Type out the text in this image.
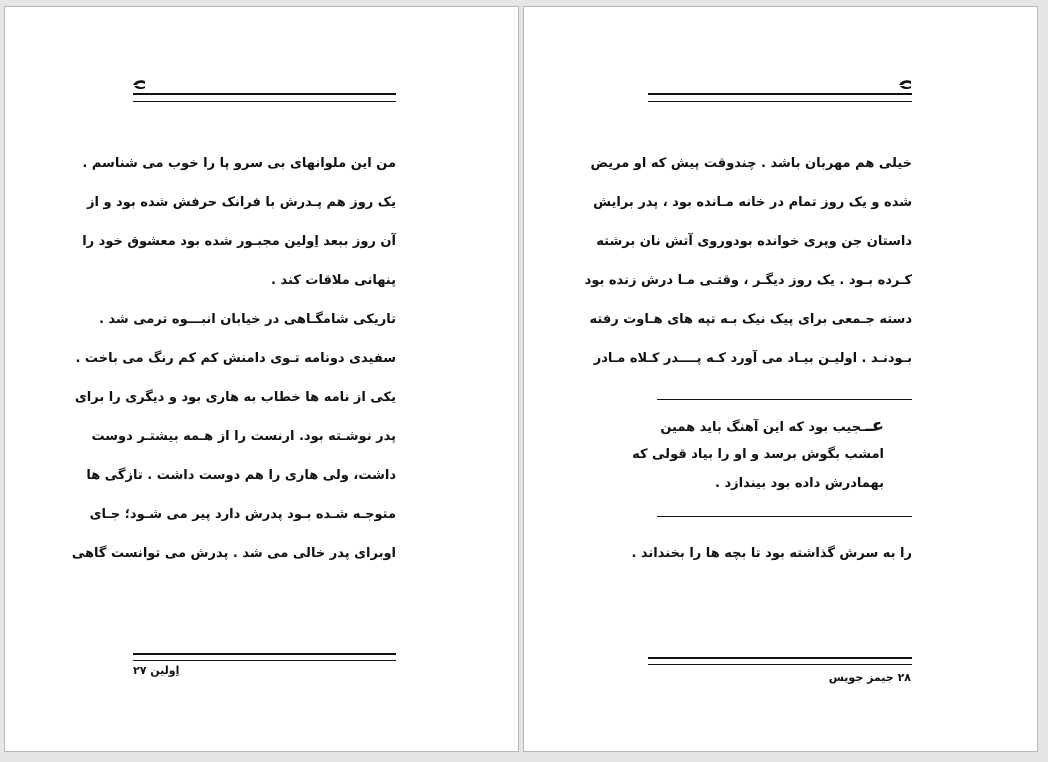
من این ملوانهای بی سرو پا را خوب می شناسم .
یک روز هم پـدرش با فرانک حرفش شده بود و از
آن روز ببعد اِولین مجبـور شده بود معشوق خود را
پنهانی ملاقات کند .
تاریکی شامگـاهی در خیابان انبـــوه ترمی شد .
سفیدی دونامه تـوی دامنش کم کم رنگ می باخت .
یکی از نامه ها خطاب به هاری بود و دیگری را برای
پدر نوشـته بود. ارنست را از هـمه بیشتـر دوست
داشت، ولی هاری را هم دوست داشت . تازگی ها
متوجـه شـده بـود پدرش دارد پیر می شـود؛ جـای
اوبرای پدر خالی می شد . پدرش می توانست گاهی
اِولین ۲۷
خیلی هم مهربان باشد . چندوقت پیش که او مریض
شده و یک روز تمام در خانه مـانده بود ، پدر برایش
داستان جن وپری خوانده بودوروی آتش نان برشته
کـرده بـود . یک روز دیگـر ، وقتـی مـا درش زنده بود
دسته جـمعی برای پیک نیک بـه تپه های هـاوت رفته
بـودنـد . اولیـن بیـاد می آورد کـه پــــدر کـلاه مـادر
عــجیب بود که این آهنگ باید همین
امشب بگوش برسد و او را بیاد قولی که
بهمادرش داده بود بیندازد .
را به سرش گذاشته بود تا بچه ها را بخنداند .
۲۸ جیمز جویس
